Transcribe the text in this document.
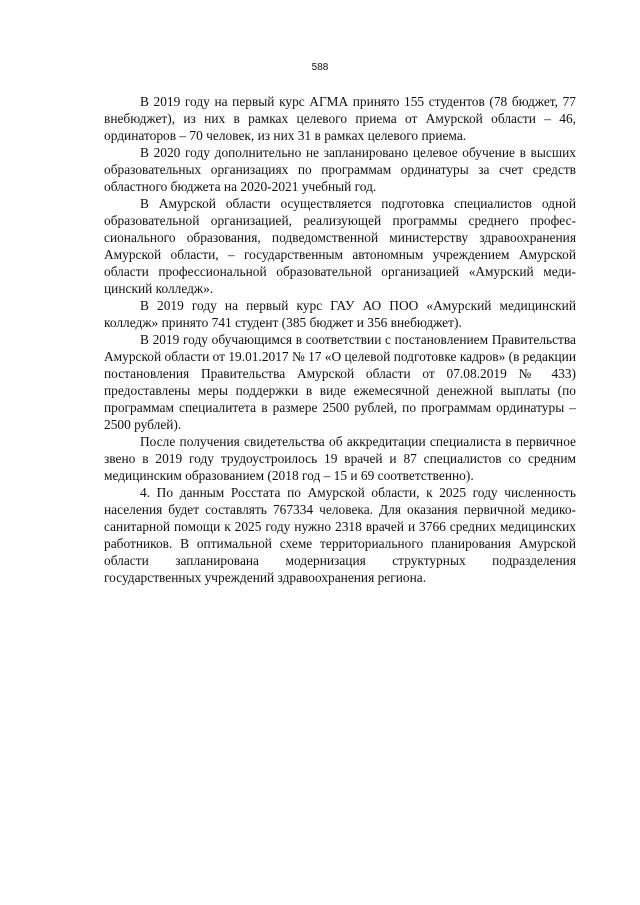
588

В 2019 году на первый курс АГМА принято 155 студентов (78 бюджет, 77 внебюджет), из них в рамках целевого приема от Амурской области – 46, ординаторов – 70 человек, из них 31 в рамках целевого приема.

В 2020 году дополнительно не запланировано целевое обучение в высших образовательных организациях по программам ординатуры за счет средств областного бюджета на 2020-2021 учебный год.

В Амурской области осуществляется подготовка специалистов одной образовательной организацией, реализующей программы среднего профессионального образования, подведомственной министерству здравоохранения Амурской области, – государственным автономным учреждением Амурской области профессиональной образовательной организацией «Амурский медицинский колледж».

В 2019 году на первый курс ГАУ АО ПОО «Амурский медицинский колледж» принято 741 студент (385 бюджет и 356 внебюджет).

В 2019 году обучающимся в соответствии с постановлением Правительства Амурской области от 19.01.2017 № 17 «О целевой подготовке кадров» (в редакции постановления Правительства Амурской области от 07.08.2019 № 433) предоставлены меры поддержки в виде ежемесячной денежной выплаты (по программам специалитета в размере 2500 рублей, по программам ординатуры – 2500 рублей).

После получения свидетельства об аккредитации специалиста в первичное звено в 2019 году трудоустроилось 19 врачей и 87 специалистов со средним медицинским образованием (2018 год – 15 и 69 соответственно).

4. По данным Росстата по Амурской области, к 2025 году численность населения будет составлять 767334 человека. Для оказания первичной медико-санитарной помощи к 2025 году нужно 2318 врачей и 3766 средних медицинских работников. В оптимальной схеме территориального планирования Амурской области запланирована модернизация структурных подразделения государственных учреждений здравоохранения региона.
